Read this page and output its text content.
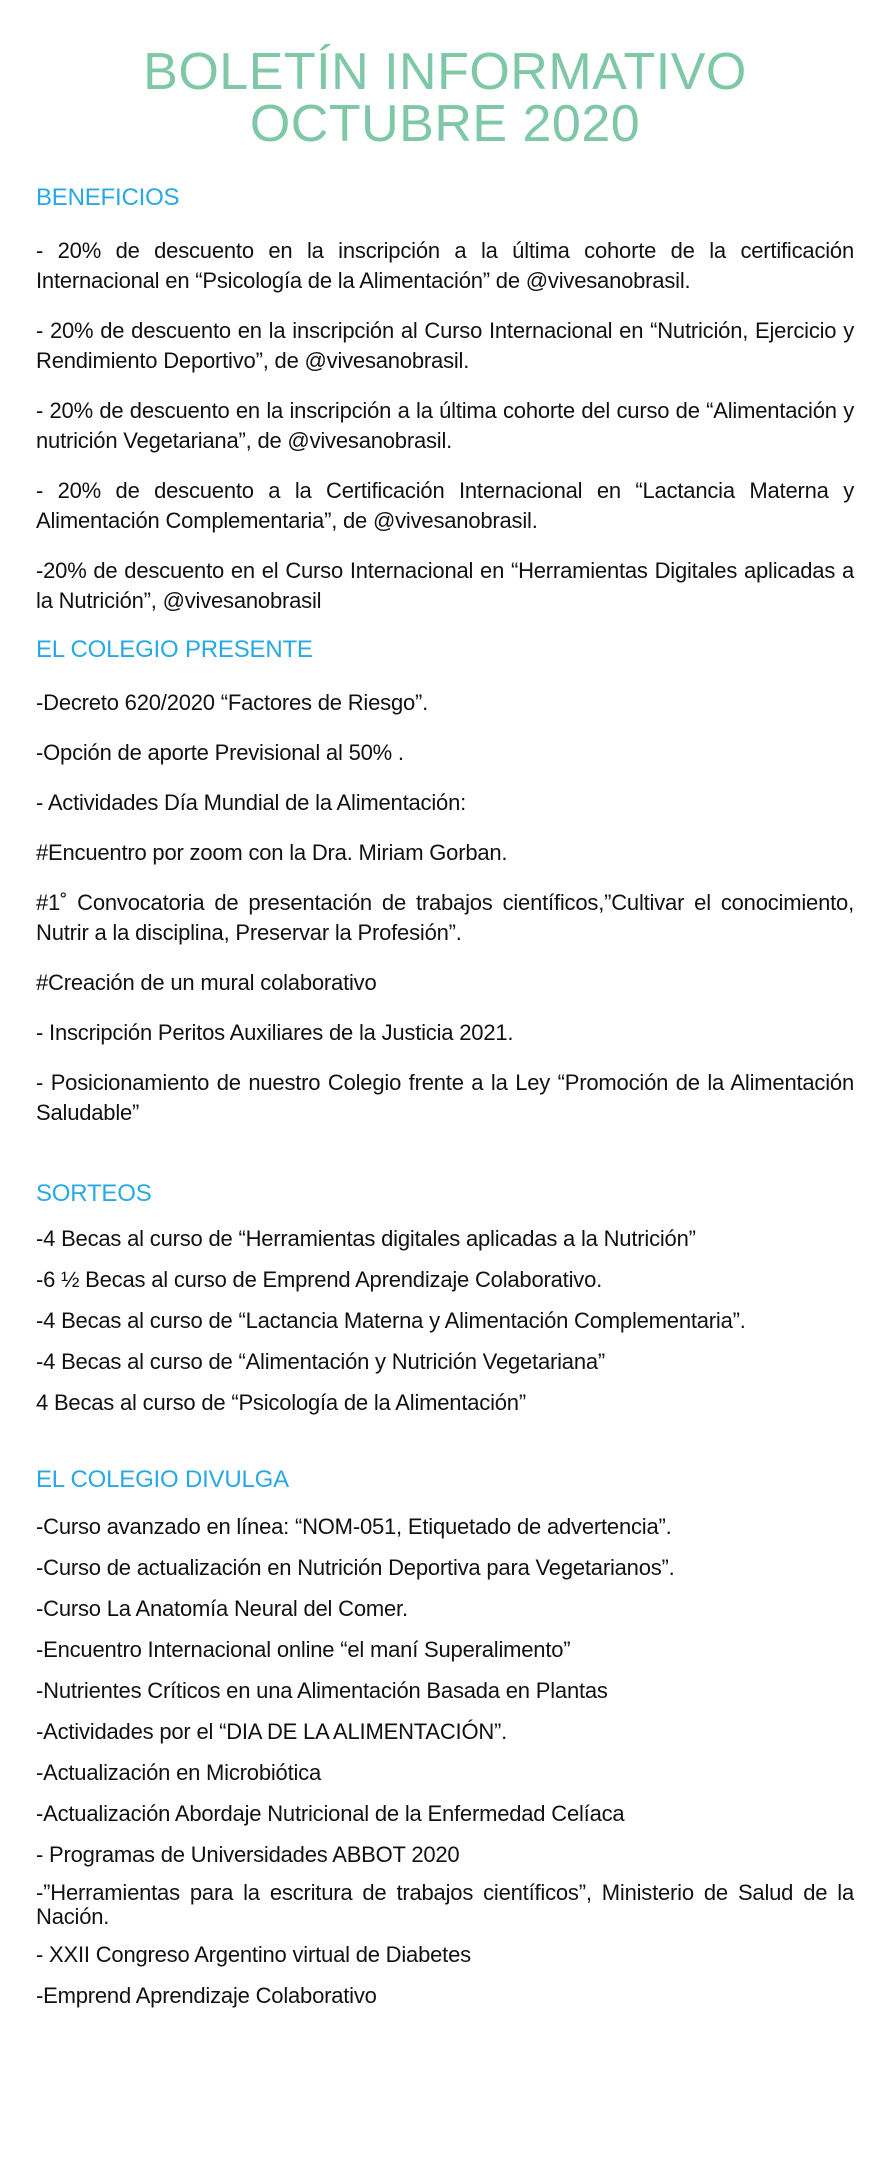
BOLETÍN INFORMATIVO
OCTUBRE 2020
BENEFICIOS

- 20% de descuento en la inscripción a la última cohorte de la certificación Internacional en “Psicología de la Alimentación” de @vivesanobrasil.

- 20% de descuento en la inscripción al Curso Internacional en “Nutrición, Ejercicio y Rendimiento Deportivo”, de @vivesanobrasil.

- 20% de descuento en la inscripción a la última cohorte del curso de “Alimentación y nutrición Vegetariana”, de @vivesanobrasil.

- 20% de descuento a la Certificación Internacional en “Lactancia Materna y Alimentación Complementaria”, de @vivesanobrasil.

-20% de descuento en el Curso Internacional en “Herramientas Digitales aplicadas a la Nutrición”, @vivesanobrasil

EL COLEGIO PRESENTE

-Decreto 620/2020 “Factores de Riesgo”.

-Opción de aporte Previsional al 50% .

- Actividades Día Mundial de la Alimentación:

#Encuentro por zoom con la Dra. Miriam Gorban.

#1˚ Convocatoria de presentación de trabajos científicos,”Cultivar el conocimiento, Nutrir a la disciplina, Preservar la Profesión”.

#Creación de un mural colaborativo

- Inscripción Peritos Auxiliares de la Justicia 2021.

- Posicionamiento de nuestro Colegio frente a la Ley “Promoción de la Alimentación Saludable”

SORTEOS

-4 Becas al curso de “Herramientas digitales aplicadas a la Nutrición”

-6 ½ Becas al curso de Emprend Aprendizaje Colaborativo.

-4 Becas al curso de “Lactancia Materna y Alimentación Complementaria”.

-4 Becas al curso de “Alimentación y Nutrición Vegetariana”

4 Becas al curso de “Psicología de la Alimentación”

EL COLEGIO DIVULGA

-Curso avanzado en línea: “NOM-051, Etiquetado de advertencia”.

-Curso de actualización en Nutrición Deportiva para Vegetarianos”.

-Curso La Anatomía Neural del Comer.

-Encuentro Internacional online “el maní Superalimento”

-Nutrientes Críticos en una Alimentación Basada en Plantas

-Actividades por el “DIA DE LA ALIMENTACIÓN”.

-Actualización en Microbiótica

-Actualización Abordaje Nutricional de la Enfermedad Celíaca

- Programas de Universidades ABBOT 2020

-”Herramientas para la escritura de trabajos científicos”, Ministerio de Salud de la Nación.

- XXII Congreso Argentino virtual de Diabetes

-Emprend Aprendizaje Colaborativo
